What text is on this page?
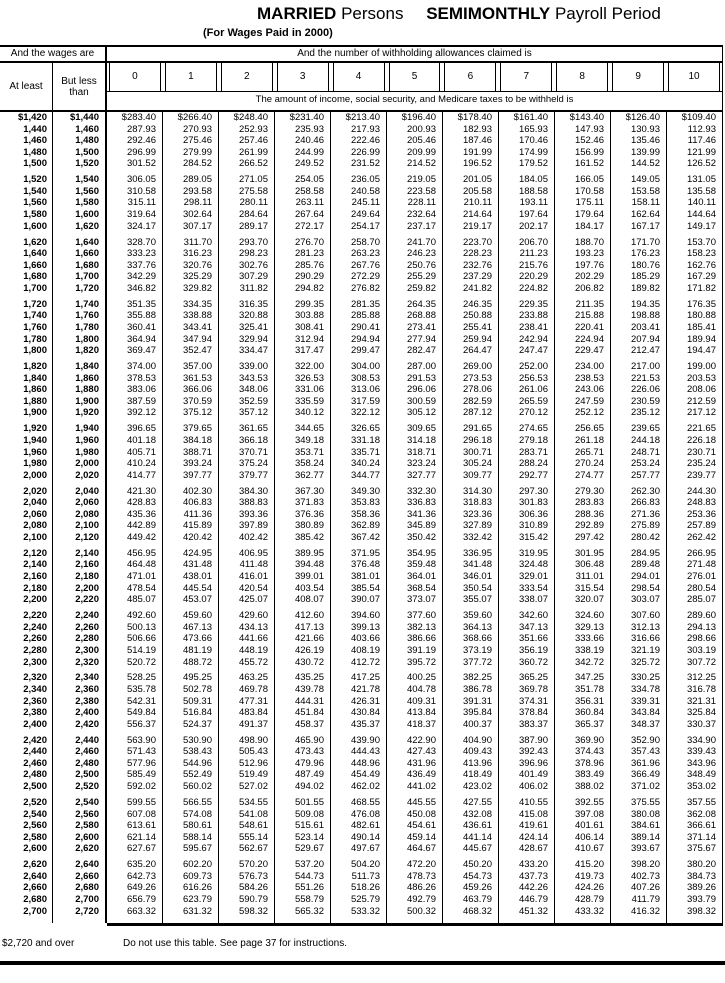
MARRIED Persons SEMIMONTHLY Payroll Period
(For Wages Paid in 2000)
And the wages are	And the number of withholding allowances claimed is
At least	But less than
0	1	2	3	4	5	6	7	8	9	10
The amount of income, social security, and Medicare taxes to be withheld is
$1,420	$1,440	$283.40	$266.40	$248.40	$231.40	$213.40	$196.40	$178.40	$161.40	$143.40	$126.40	$109.40
1,440	1,460	287.93	270.93	252.93	235.93	217.93	200.93	182.93	165.93	147.93	130.93	112.93
1,460	1,480	292.46	275.46	257.46	240.46	222.46	205.46	187.46	170.46	152.46	135.46	117.46
1,480	1,500	296.99	279.99	261.99	244.99	226.99	209.99	191.99	174.99	156.99	139.99	121.99
1,500	1,520	301.52	284.52	266.52	249.52	231.52	214.52	196.52	179.52	161.52	144.52	126.52
1,520	1,540	306.05	289.05	271.05	254.05	236.05	219.05	201.05	184.05	166.05	149.05	131.05
1,540	1,560	310.58	293.58	275.58	258.58	240.58	223.58	205.58	188.58	170.58	153.58	135.58
1,560	1,580	315.11	298.11	280.11	263.11	245.11	228.11	210.11	193.11	175.11	158.11	140.11
1,580	1,600	319.64	302.64	284.64	267.64	249.64	232.64	214.64	197.64	179.64	162.64	144.64
1,600	1,620	324.17	307.17	289.17	272.17	254.17	237.17	219.17	202.17	184.17	167.17	149.17
1,620	1,640	328.70	311.70	293.70	276.70	258.70	241.70	223.70	206.70	188.70	171.70	153.70
1,640	1,660	333.23	316.23	298.23	281.23	263.23	246.23	228.23	211.23	193.23	176.23	158.23
1,660	1,680	337.76	320.76	302.76	285.76	267.76	250.76	232.76	215.76	197.76	180.76	162.76
1,680	1,700	342.29	325.29	307.29	290.29	272.29	255.29	237.29	220.29	202.29	185.29	167.29
1,700	1,720	346.82	329.82	311.82	294.82	276.82	259.82	241.82	224.82	206.82	189.82	171.82
1,720	1,740	351.35	334.35	316.35	299.35	281.35	264.35	246.35	229.35	211.35	194.35	176.35
1,740	1,760	355.88	338.88	320.88	303.88	285.88	268.88	250.88	233.88	215.88	198.88	180.88
1,760	1,780	360.41	343.41	325.41	308.41	290.41	273.41	255.41	238.41	220.41	203.41	185.41
1,780	1,800	364.94	347.94	329.94	312.94	294.94	277.94	259.94	242.94	224.94	207.94	189.94
1,800	1,820	369.47	352.47	334.47	317.47	299.47	282.47	264.47	247.47	229.47	212.47	194.47
1,820	1,840	374.00	357.00	339.00	322.00	304.00	287.00	269.00	252.00	234.00	217.00	199.00
1,840	1,860	378.53	361.53	343.53	326.53	308.53	291.53	273.53	256.53	238.53	221.53	203.53
1,860	1,880	383.06	366.06	348.06	331.06	313.06	296.06	278.06	261.06	243.06	226.06	208.06
1,880	1,900	387.59	370.59	352.59	335.59	317.59	300.59	282.59	265.59	247.59	230.59	212.59
1,900	1,920	392.12	375.12	357.12	340.12	322.12	305.12	287.12	270.12	252.12	235.12	217.12
1,920	1,940	396.65	379.65	361.65	344.65	326.65	309.65	291.65	274.65	256.65	239.65	221.65
1,940	1,960	401.18	384.18	366.18	349.18	331.18	314.18	296.18	279.18	261.18	244.18	226.18
1,960	1,980	405.71	388.71	370.71	353.71	335.71	318.71	300.71	283.71	265.71	248.71	230.71
1,980	2,000	410.24	393.24	375.24	358.24	340.24	323.24	305.24	288.24	270.24	253.24	235.24
2,000	2,020	414.77	397.77	379.77	362.77	344.77	327.77	309.77	292.77	274.77	257.77	239.77
2,020	2,040	421.30	402.30	384.30	367.30	349.30	332.30	314.30	297.30	279.30	262.30	244.30
2,040	2,060	428.83	406.83	388.83	371.83	353.83	336.83	318.83	301.83	283.83	266.83	248.83
2,060	2,080	435.36	411.36	393.36	376.36	358.36	341.36	323.36	306.36	288.36	271.36	253.36
2,080	2,100	442.89	415.89	397.89	380.89	362.89	345.89	327.89	310.89	292.89	275.89	257.89
2,100	2,120	449.42	420.42	402.42	385.42	367.42	350.42	332.42	315.42	297.42	280.42	262.42
2,120	2,140	456.95	424.95	406.95	389.95	371.95	354.95	336.95	319.95	301.95	284.95	266.95
2,140	2,160	464.48	431.48	411.48	394.48	376.48	359.48	341.48	324.48	306.48	289.48	271.48
2,160	2,180	471.01	438.01	416.01	399.01	381.01	364.01	346.01	329.01	311.01	294.01	276.01
2,180	2,200	478.54	445.54	420.54	403.54	385.54	368.54	350.54	333.54	315.54	298.54	280.54
2,200	2,220	485.07	453.07	425.07	408.07	390.07	373.07	355.07	338.07	320.07	303.07	285.07
2,220	2,240	492.60	459.60	429.60	412.60	394.60	377.60	359.60	342.60	324.60	307.60	289.60
2,240	2,260	500.13	467.13	434.13	417.13	399.13	382.13	364.13	347.13	329.13	312.13	294.13
2,260	2,280	506.66	473.66	441.66	421.66	403.66	386.66	368.66	351.66	333.66	316.66	298.66
2,280	2,300	514.19	481.19	448.19	426.19	408.19	391.19	373.19	356.19	338.19	321.19	303.19
2,300	2,320	520.72	488.72	455.72	430.72	412.72	395.72	377.72	360.72	342.72	325.72	307.72
2,320	2,340	528.25	495.25	463.25	435.25	417.25	400.25	382.25	365.25	347.25	330.25	312.25
2,340	2,360	535.78	502.78	469.78	439.78	421.78	404.78	386.78	369.78	351.78	334.78	316.78
2,360	2,380	542.31	509.31	477.31	444.31	426.31	409.31	391.31	374.31	356.31	339.31	321.31
2,380	2,400	549.84	516.84	483.84	451.84	430.84	413.84	395.84	378.84	360.84	343.84	325.84
2,400	2,420	556.37	524.37	491.37	458.37	435.37	418.37	400.37	383.37	365.37	348.37	330.37
2,420	2,440	563.90	530.90	498.90	465.90	439.90	422.90	404.90	387.90	369.90	352.90	334.90
2,440	2,460	571.43	538.43	505.43	473.43	444.43	427.43	409.43	392.43	374.43	357.43	339.43
2,460	2,480	577.96	544.96	512.96	479.96	448.96	431.96	413.96	396.96	378.96	361.96	343.96
2,480	2,500	585.49	552.49	519.49	487.49	454.49	436.49	418.49	401.49	383.49	366.49	348.49
2,500	2,520	592.02	560.02	527.02	494.02	462.02	441.02	423.02	406.02	388.02	371.02	353.02
2,520	2,540	599.55	566.55	534.55	501.55	468.55	445.55	427.55	410.55	392.55	375.55	357.55
2,540	2,560	607.08	574.08	541.08	509.08	476.08	450.08	432.08	415.08	397.08	380.08	362.08
2,560	2,580	613.61	580.61	548.61	515.61	482.61	454.61	436.61	419.61	401.61	384.61	366.61
2,580	2,600	621.14	588.14	555.14	523.14	490.14	459.14	441.14	424.14	406.14	389.14	371.14
2,600	2,620	627.67	595.67	562.67	529.67	497.67	464.67	445.67	428.67	410.67	393.67	375.67
2,620	2,640	635.20	602.20	570.20	537.20	504.20	472.20	450.20	433.20	415.20	398.20	380.20
2,640	2,660	642.73	609.73	576.73	544.73	511.73	478.73	454.73	437.73	419.73	402.73	384.73
2,660	2,680	649.26	616.26	584.26	551.26	518.26	486.26	459.26	442.26	424.26	407.26	389.26
2,680	2,700	656.79	623.79	590.79	558.79	525.79	492.79	463.79	446.79	428.79	411.79	393.79
2,700	2,720	663.32	631.32	598.32	565.32	533.32	500.32	468.32	451.32	433.32	416.32	398.32
$2,720 and over	Do not use this table. See page 37 for instructions.
